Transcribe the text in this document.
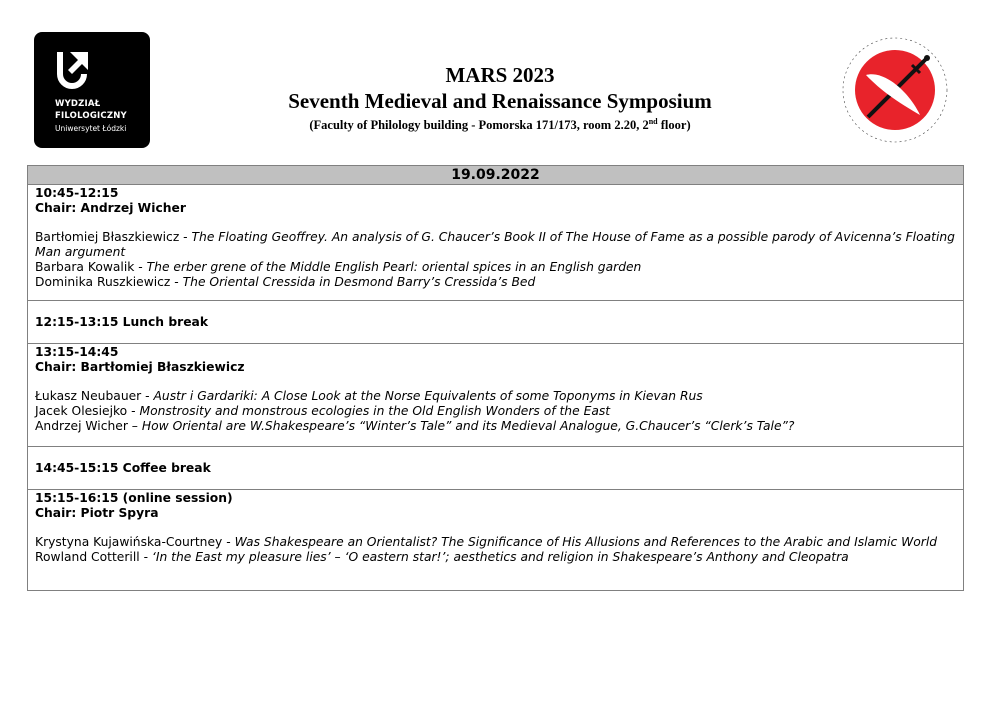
WYDZIAŁ
FILOLOGICZNY
Uniwersytet Łódzki
MARS 2023
Seventh Medieval and Renaissance Symposium
(Faculty of Philology building - Pomorska 171/173, room 2.20, 2nd floor)
19.09.2022
10:45-12:15
Chair: Andrzej Wicher
Bartłomiej Błaszkiewicz - The Floating Geoffrey. An analysis of G. Chaucer’s Book II of The House of Fame as a possible parody of Avicenna’s Floating Man argument
Barbara Kowalik - The erber grene of the Middle English Pearl: oriental spices in an English garden
Dominika Ruszkiewicz - The Oriental Cressida in Desmond Barry’s Cressida’s Bed
12:15-13:15 Lunch break
13:15-14:45
Chair: Bartłomiej Błaszkiewicz
Łukasz Neubauer - Austr i Gardariki: A Close Look at the Norse Equivalents of some Toponyms in Kievan Rus
Jacek Olesiejko - Monstrosity and monstrous ecologies in the Old English Wonders of the East
Andrzej Wicher – How Oriental are W.Shakespeare’s “Winter’s Tale” and its Medieval Analogue, G.Chaucer’s “Clerk’s Tale”?
14:45-15:15 Coffee break
15:15-16:15 (online session)
Chair: Piotr Spyra
Krystyna Kujawińska-Courtney - Was Shakespeare an Orientalist? The Significance of His Allusions and References to the Arabic and Islamic World
Rowland Cotterill - ‘In the East my pleasure lies’ – ‘O eastern star!’; aesthetics and religion in Shakespeare’s Anthony and Cleopatra
